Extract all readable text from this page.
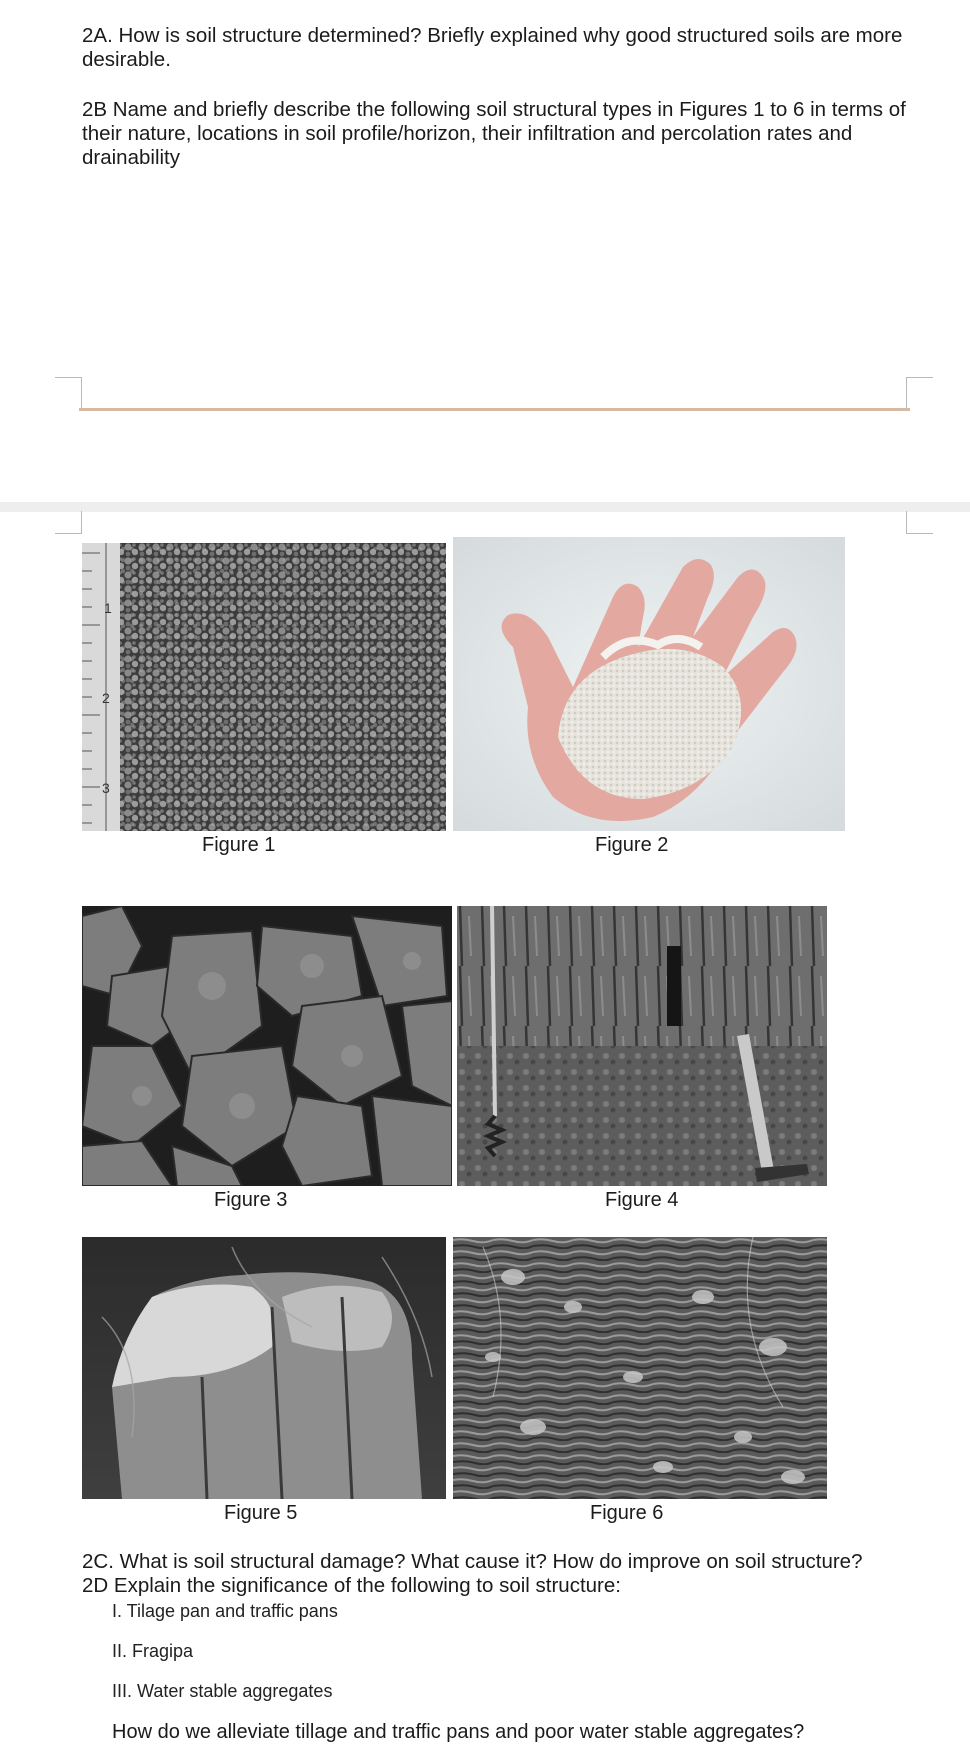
2A. How is soil structure determined? Briefly explained why good structured soils are more desirable.

2B Name and briefly describe the following soil structural types in Figures 1 to 6 in terms of their nature, locations in soil profile/horizon, their infiltration and percolation rates and drainability

1
2
3
Figure 1	Figure 2
Figure 3	Figure 4
Figure 5	Figure 6

2C. What is soil structural damage? What cause it? How do improve on soil structure?

2D Explain the significance of the following to soil structure:

I. Tilage pan and traffic pans

II. Fragipa

III. Water stable aggregates

How do we alleviate tillage and traffic pans and poor water stable aggregates?
